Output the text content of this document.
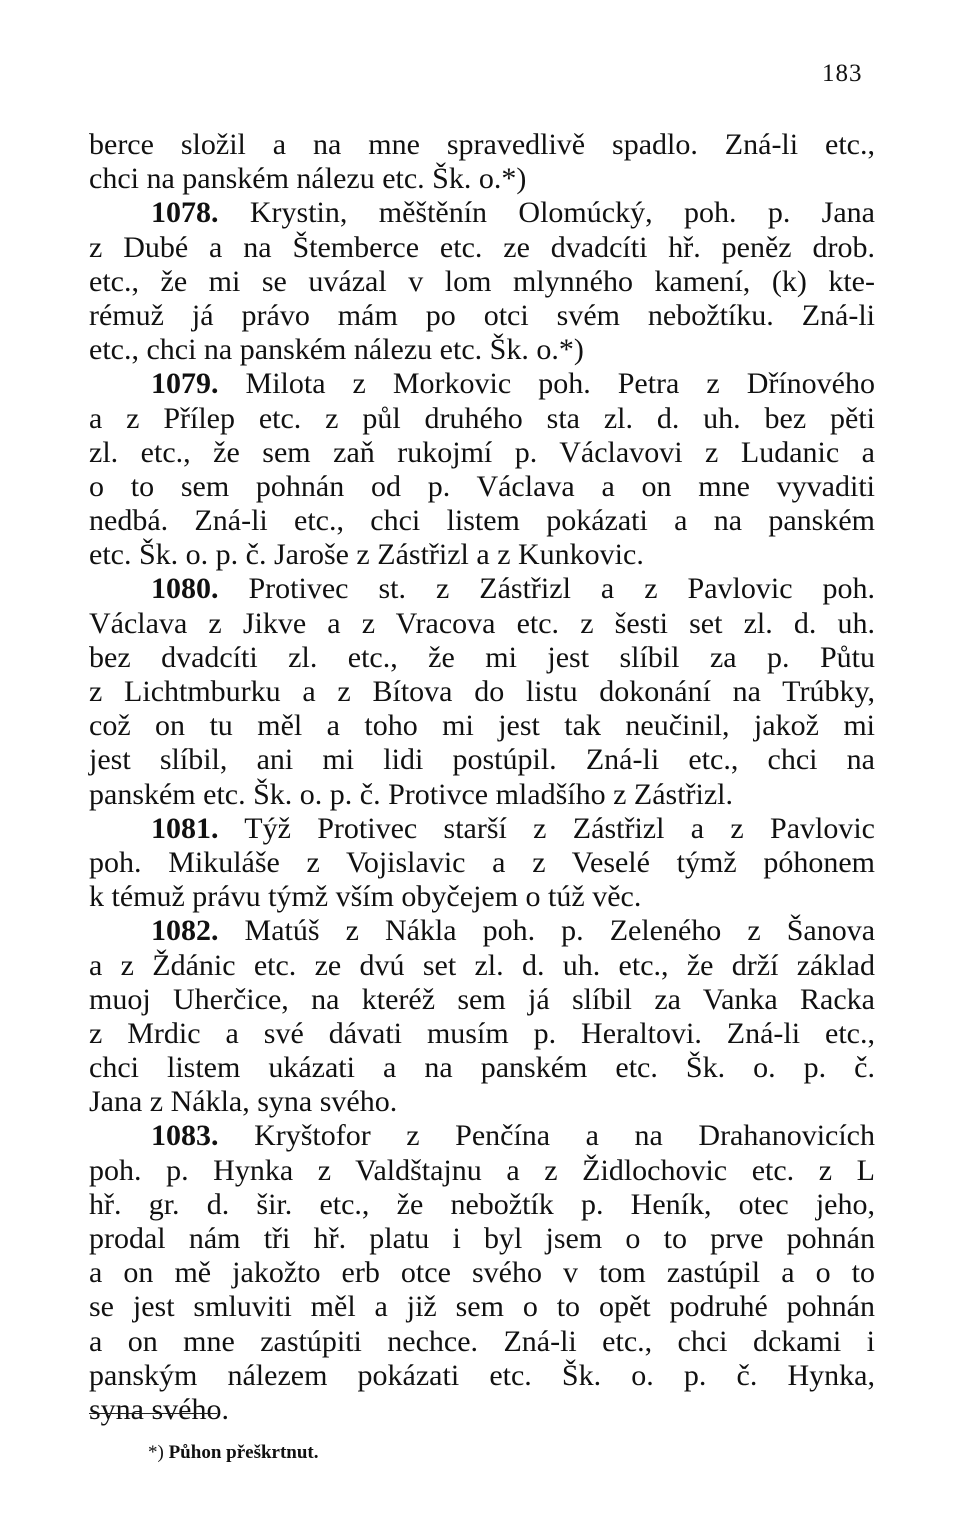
183
berce složil a na mne spravedlivě spadlo. Zná-li etc.,
chci na panském nálezu etc. Šk. o.*)
1078. Krystin, měštěnín Olomúcký, poh. p. Jana
z Dubé a na Štemberce etc. ze dvadcíti hř. peněz drob.
etc., že mi se uvázal v lom mlynného kamení, (k) kte-
rémuž já právo mám po otci svém nebožtíku. Zná-li
etc., chci na panském nálezu etc. Šk. o.*)
1079. Milota z Morkovic poh. Petra z Dřínového
a z Přílep etc. z půl druhého sta zl. d. uh. bez pěti
zl. etc., že sem zaň rukojmí p. Václavovi z Ludanic a
o to sem pohnán od p. Václava a on mne vyvaditi
nedbá. Zná-li etc., chci listem pokázati a na panském
etc. Šk. o. p. č. Jaroše z Zástřizl a z Kunkovic.
1080. Protivec st. z Zástřizl a z Pavlovic poh.
Václava z Jikve a z Vracova etc. z šesti set zl. d. uh.
bez dvadcíti zl. etc., že mi jest slíbil za p. Půtu
z Lichtmburku a z Bítova do listu dokonání na Trúbky,
což on tu měl a toho mi jest tak neučinil, jakož mi
jest slíbil, ani mi lidi postúpil. Zná-li etc., chci na
panském etc. Šk. o. p. č. Protivce mladšího z Zástřizl.
1081. Týž Protivec starší z Zástřizl a z Pavlovic
poh. Mikuláše z Vojislavic a z Veselé týmž póhonem
k témuž právu týmž vším obyčejem o túž věc.
1082. Matúš z Nákla poh. p. Zeleného z Šanova
a z Ždánic etc. ze dvú set zl. d. uh. etc., že drží základ
muoj Uherčice, na kteréž sem já slíbil za Vanka Racka
z Mrdic a své dávati musím p. Heraltovi. Zná-li etc.,
chci listem ukázati a na panském etc. Šk. o. p. č.
Jana z Nákla, syna svého.
1083. Kryštofor z Penčína a na Drahanovicích
poh. p. Hynka z Valdštajnu a z Židlochovic etc. z L
hř. gr. d. šir. etc., že nebožtík p. Heník, otec jeho,
prodal nám tři hř. platu i byl jsem o to prve pohnán
a on mě jakožto erb otce svého v tom zastúpil a o to
se jest smluviti měl a již sem o to opět podruhé pohnán
a on mne zastúpiti nechce. Zná-li etc., chci dckami i
panským nálezem pokázati etc. Šk. o. p. č. Hynka,
syna svého.
*) Půhon přeškrtnut.
